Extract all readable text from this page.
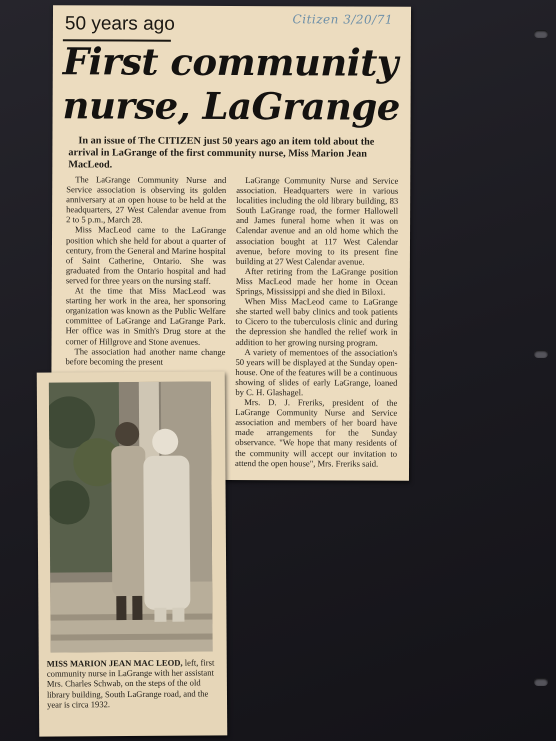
Citizen 3/20/71
50 years ago
First community nurse, LaGrange

In an issue of The CITIZEN just 50 years ago an item told about the arrival in LaGrange of the first community nurse, Miss Marion Jean MacLeod.

The LaGrange Community Nurse and Service association is observing its golden anniversary at an open house to be held at the headquarters, 27 West Calendar avenue from 2 to 5 p.m., March 28.

Miss MacLeod came to the LaGrange position which she held for about a quarter of century, from the General and Marine hospital of Saint Catherine, Ontario. She was graduated from the Ontario hospital and had served for three years on the nursing staff.

At the time that Miss MacLeod was starting her work in the area, her sponsoring organization was known as the Public Welfare committee of LaGrange and LaGrange Park. Her office was in Smith's Drug store at the corner of Hillgrove and Stone avenues.

The association had another name change before becoming the present

LaGrange Community Nurse and Service association. Headquarters were in various localities including the old library building, 83 South LaGrange road, the former Hallowell and James funeral home when it was on Calendar avenue and an old home which the association bought at 117 West Calendar avenue, before moving to its present fine building at 27 West Calendar avenue.

After retiring from the LaGrange position Miss MacLeod made her home in Ocean Springs, Mississippi and she died in Biloxi.

When Miss MacLeod came to LaGrange she started well baby clinics and took patients to Cicero to the tuberculosis clinic and during the depression she handled the relief work in addition to her growing nursing program.

A variety of mementoes of the association's 50 years will be displayed at the Sunday open-house. One of the features will be a continuous showing of slides of early LaGrange, loaned by C. H. Glashagel.

Mrs. D. J. Freriks, president of the LaGrange Community Nurse and Service association and members of her board have made arrangements for the Sunday observance. "We hope that many residents of the community will accept our invitation to attend the open house", Mrs. Freriks said.

MISS MARION JEAN MAC LEOD, left, first community nurse in LaGrange with her assistant Mrs. Charles Schwab, on the steps of the old library building, South LaGrange road, and the year is circa 1932.
